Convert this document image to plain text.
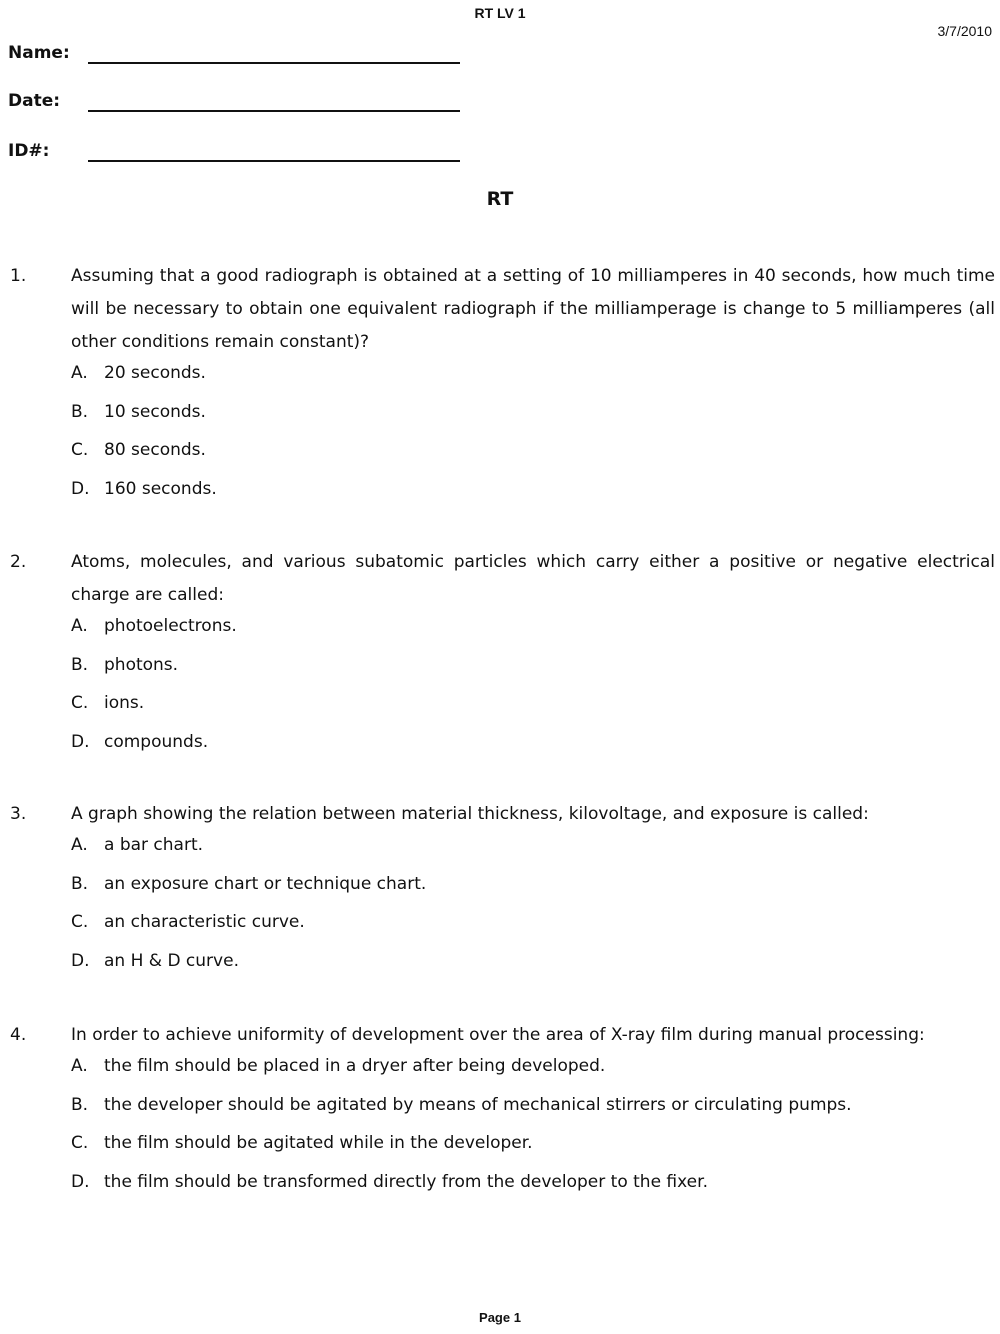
RT LV 1
3/7/2010
Name:
Date:
ID#:
RT
1.	Assuming that a good radiograph is obtained at a setting of 10 milliamperes in 40 seconds, how much time will be necessary to obtain one equivalent radiograph if the milliamperage is change to 5 milliamperes (all other conditions remain constant)?
A. 20 seconds.
B. 10 seconds.
C. 80 seconds.
D. 160 seconds.
2.	Atoms, molecules, and various subatomic particles which carry either a positive or negative electrical charge are called:
A. photoelectrons.
B. photons.
C. ions.
D. compounds.
3.	A graph showing the relation between material thickness, kilovoltage, and exposure is called:
A. a bar chart.
B. an exposure chart or technique chart.
C. an characteristic curve.
D. an H & D curve.
4.	In order to achieve uniformity of development over the area of X-ray film during manual processing:
A. the film should be placed in a dryer after being developed.
B. the developer should be agitated by means of mechanical stirrers or circulating pumps.
C. the film should be agitated while in the developer.
D. the film should be transformed directly from the developer to the fixer.
Page 1
